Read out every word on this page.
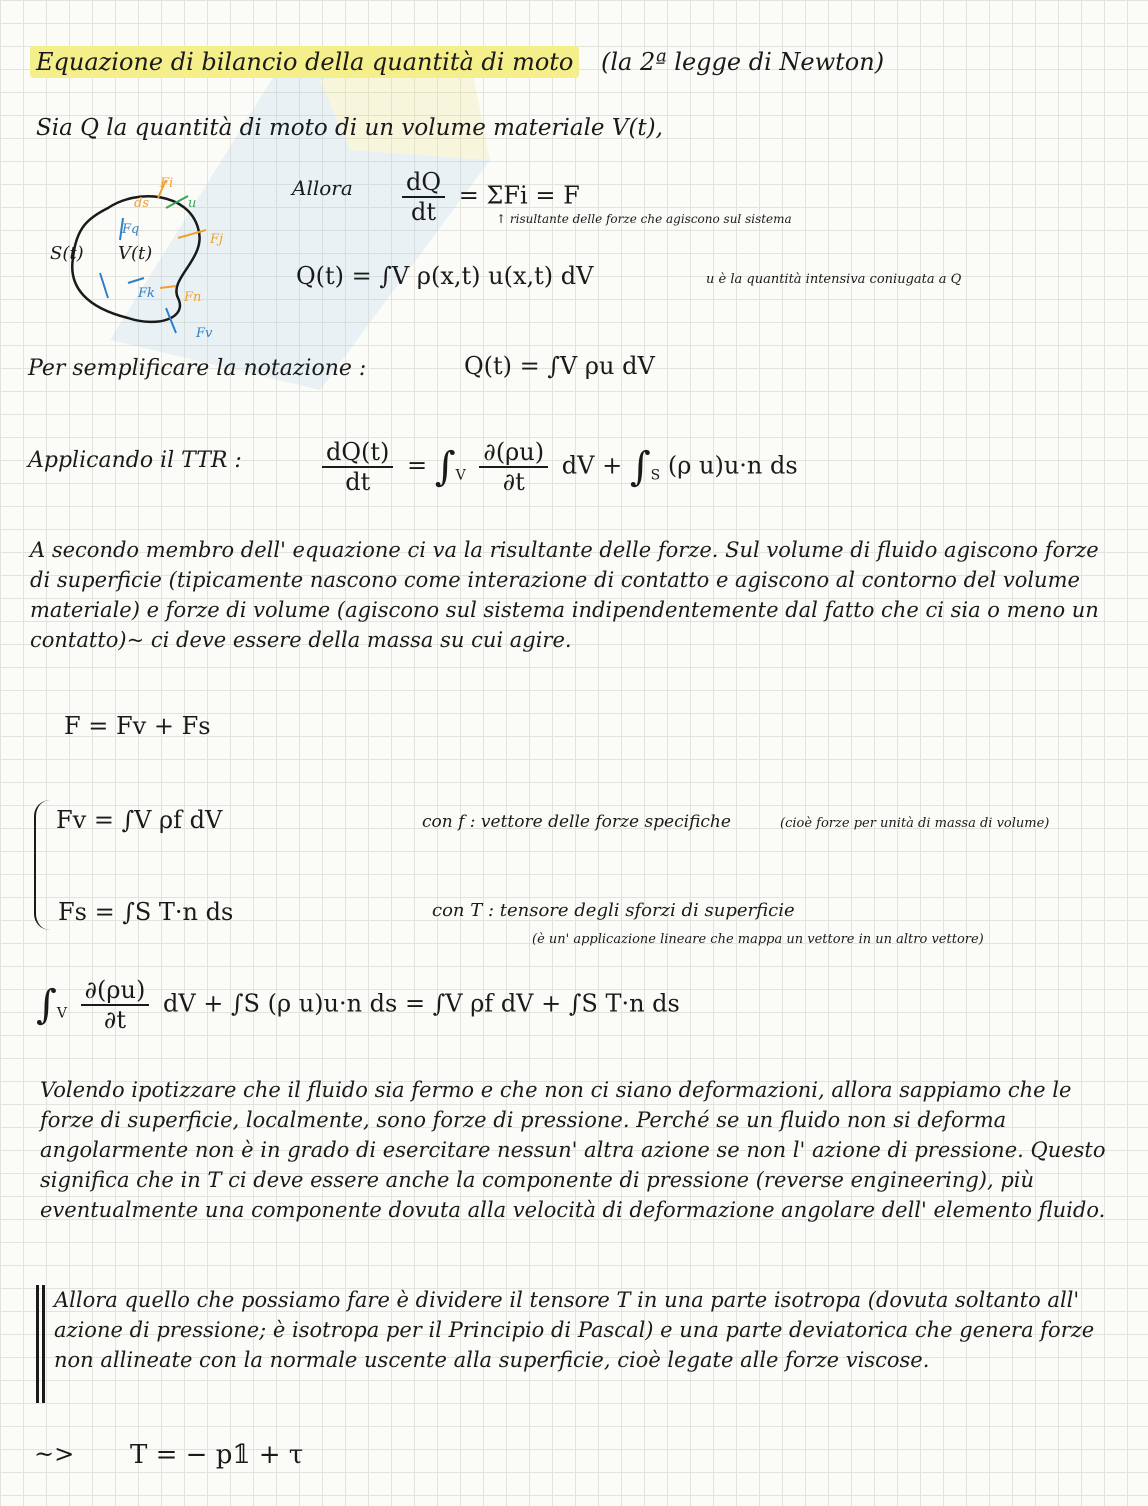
Equazione di bilancio della quantità di moto (la 2ª legge di Newton)
Sia Q la quantità di moto di un volume materiale V(t),
S(t) V(t)
Fi
Fj
Fq
Fk Fn
Fv
u
ds
Allora $\frac{dQ}{dt} = \Sigma Fi = F$
↑ risultante delle forze che agiscono sul sistema
Q(t) = ∫V ρ(x,t) u(x,t) dV	u è la quantità intensiva coniugata a Q
Per semplificare la notazione :	Q(t) = ∫V ρu dV
Applicando il TTR :	$\frac{dQ(t)}{dt} = \int_V \frac{\partial(\rho u)}{\partial t}$ dV + $\int_S$ (ρ u)u·n ds
A secondo membro dell' equazione ci va la risultante delle forze. Sul volume di fluido agiscono forze di superficie (tipicamente nascono come interazione di contatto e agiscono al contorno del volume materiale) e forze di volume (agiscono sul sistema indipendentemente dal fatto che ci sia o meno un contatto)~ ci deve essere della massa su cui agire.
F = Fv + Fs
Fv = ∫V ρf dV	con f : vettore delle forze specifiche	(cioè forze per unità di massa di volume)
Fs = ∫S T·n ds	con T : tensore degli sforzi di superficie
(è un' applicazione lineare che mappa un vettore in un altro vettore)
$\int_V \frac{\partial(\rho u)}{\partial t}$ dV + ∫S (ρ u)u·n ds = ∫V ρf dV + ∫S T·n ds
Volendo ipotizzare che il fluido sia fermo e che non ci siano deformazioni, allora sappiamo che le forze di superficie, localmente, sono forze di pressione. Perché se un fluido non si deforma angolarmente non è in grado di esercitare nessun' altra azione se non l' azione di pressione. Questo significa che in T ci deve essere anche la componente di pressione (reverse engineering), più eventualmente una componente dovuta alla velocità di deformazione angolare dell' elemento fluido.
Allora quello che possiamo fare è dividere il tensore T in una parte isotropa (dovuta soltanto all' azione di pressione; è isotropa per il Principio di Pascal) e una parte deviatorica che genera forze non allineate con la normale uscente alla superficie, cioè legate alle forze viscose.
~> T = − p𝟙 + τ
